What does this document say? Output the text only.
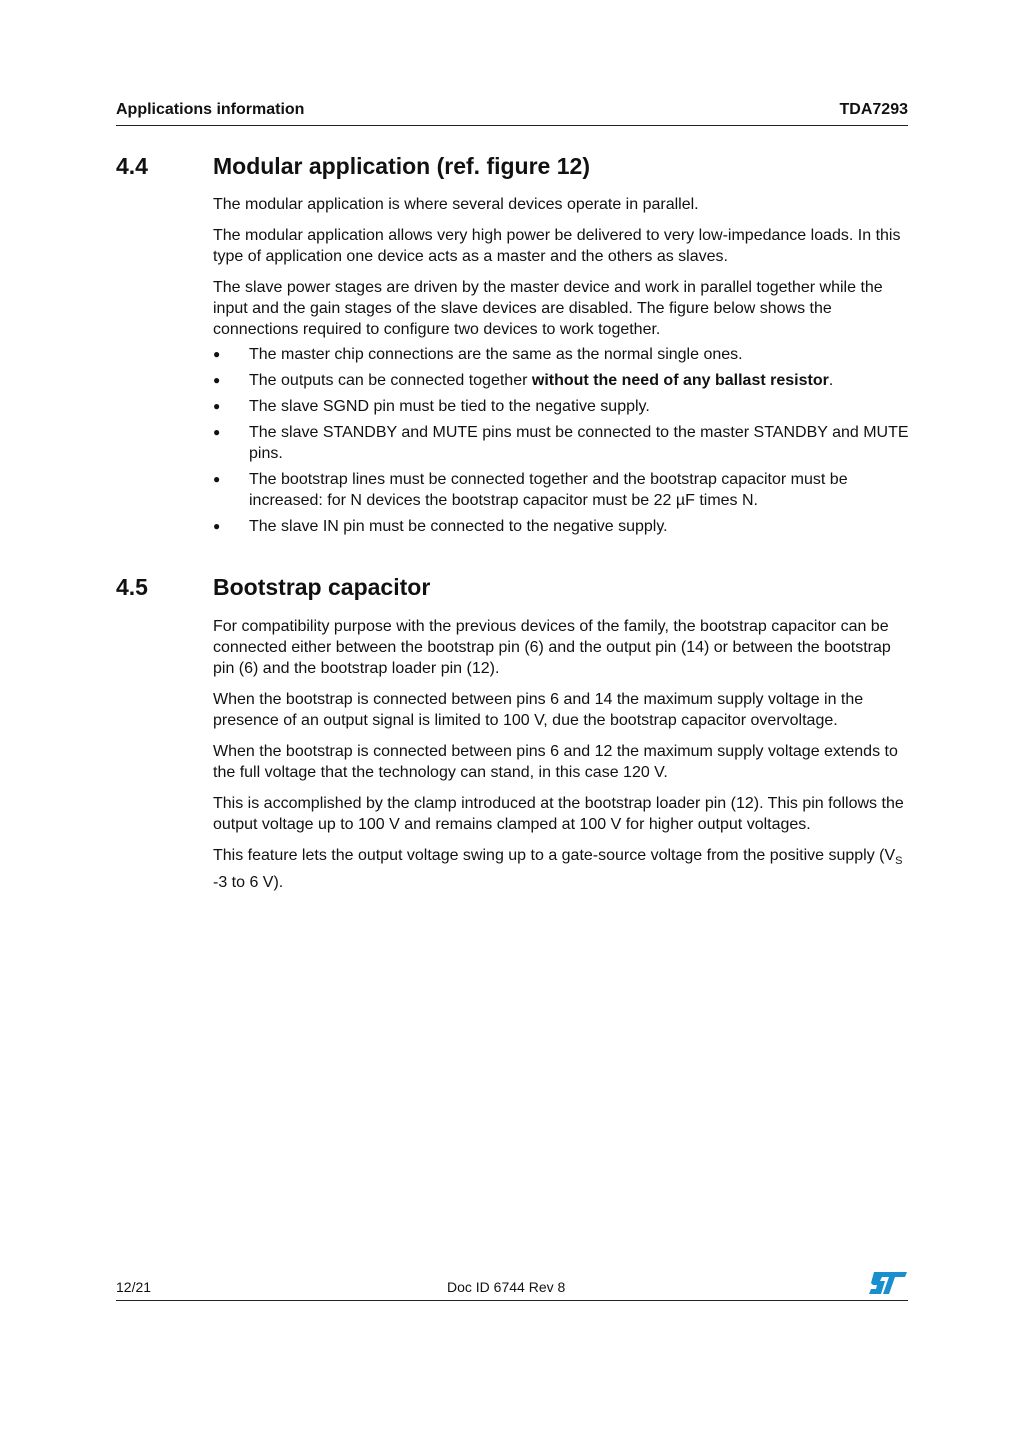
Applications information	TDA7293
4.4	Modular application (ref. figure 12)

The modular application is where several devices operate in parallel.

The modular application allows very high power be delivered to very low-impedance loads. In this type of application one device acts as a master and the others as slaves.

The slave power stages are driven by the master device and work in parallel together while the input and the gain stages of the slave devices are disabled. The figure below shows the connections required to configure two devices to work together.

● The master chip connections are the same as the normal single ones.
● The outputs can be connected together without the need of any ballast resistor.
● The slave SGND pin must be tied to the negative supply.
● The slave STANDBY and MUTE pins must be connected to the master STANDBY and MUTE pins.
● The bootstrap lines must be connected together and the bootstrap capacitor must be increased: for N devices the bootstrap capacitor must be 22 µF times N.
● The slave IN pin must be connected to the negative supply.
4.5	Bootstrap capacitor

For compatibility purpose with the previous devices of the family, the bootstrap capacitor can be connected either between the bootstrap pin (6) and the output pin (14) or between the bootstrap pin (6) and the bootstrap loader pin (12).

When the bootstrap is connected between pins 6 and 14 the maximum supply voltage in the presence of an output signal is limited to 100 V, due the bootstrap capacitor overvoltage.

When the bootstrap is connected between pins 6 and 12 the maximum supply voltage extends to the full voltage that the technology can stand, in this case 120 V.

This is accomplished by the clamp introduced at the bootstrap loader pin (12). This pin follows the output voltage up to 100 V and remains clamped at 100 V for higher output voltages.

This feature lets the output voltage swing up to a gate-source voltage from the positive supply ($V_S$ -3 to 6 V).

12/21	Doc ID 6744 Rev 8
